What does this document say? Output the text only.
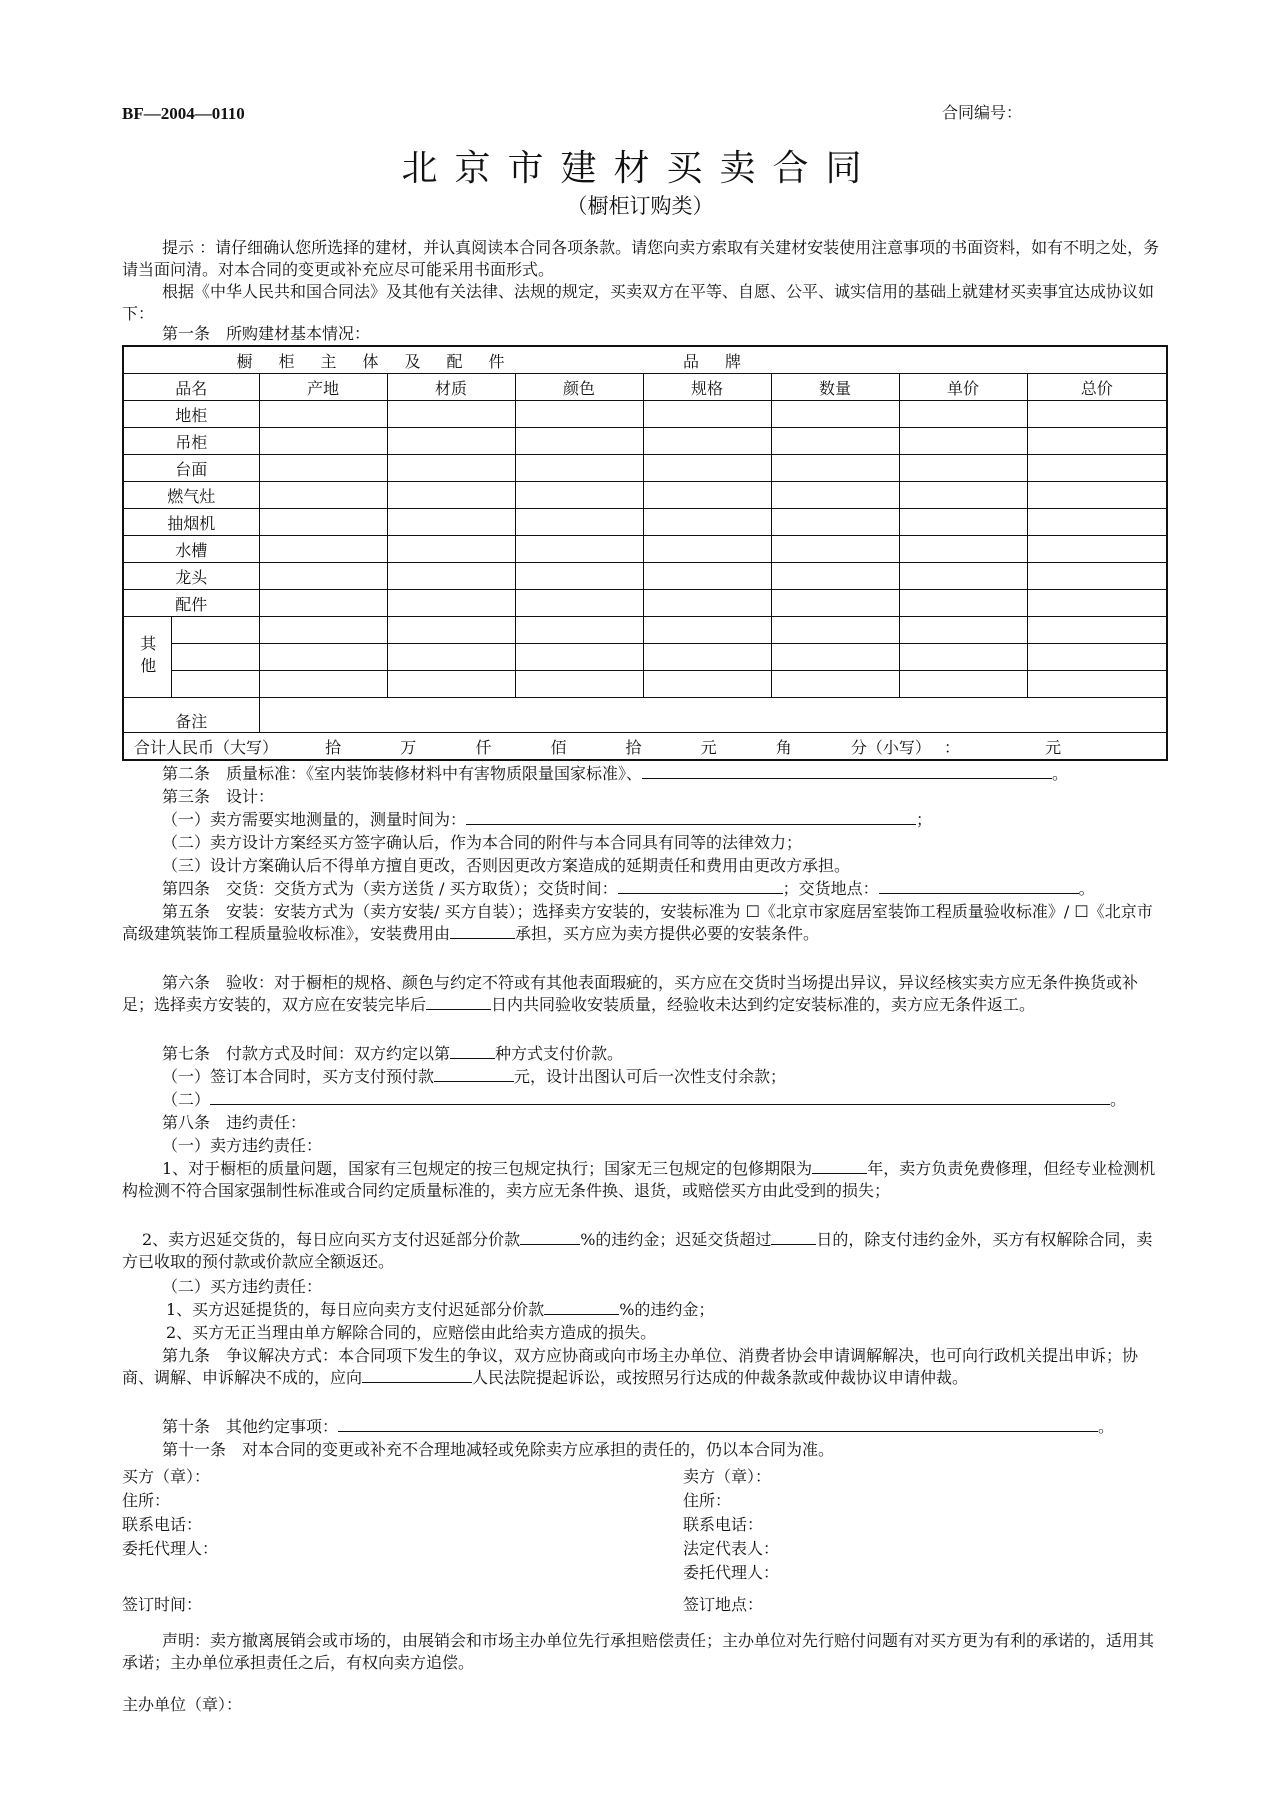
BF—2004—0110	合同编号：
北京市建材买卖合同
（橱柜订购类）
提示 ：请仔细确认您所选择的建材，并认真阅读本合同各项条款。请您向卖方索取有关建材安装使用注意事项的书面资料，如有不明之处，务请当面问清。对本合同的变更或补充应尽可能采用书面形式。
根据《中华人民共和国合同法》及其他有关法律、法规的规定，买卖双方在平等、自愿、公平、诚实信用的基础上就建材买卖事宜达成协议如下：
第一条　所购建材基本情况：
橱柜主体及配件					品牌			
品名		产地	材质	颜色	规格	数量	单价	总价
地柜								
吊柜								
台面								
燃气灶								
抽烟机								
水槽								
龙头								
配件								
其他								

备注								
合计人民币（大写） 拾 万 仟 佰 拾 元 角 分（小写） ： 元								
第二条　质量标准：《室内装饰装修材料中有害物质限量国家标准》、	。
第三条　设计：
（一）卖方需要实地测量的，测量时间为：	；
（二）卖方设计方案经买方签字确认后，作为本合同的附件与本合同具有同等的法律效力；
（三）设计方案确认后不得单方擅自更改，否则因更改方案造成的延期责任和费用由更改方承担。
第四条　交货：交货方式为（卖方送货 / 买方取货）；交货时间：	；交货地点：	。
第五条　安装：安装方式为（卖方安装/ 买方自装）；选择卖方安装的，安装标准为 ☐《北京市家庭居室装饰工程质量验收标准》/ ☐《北京市高级建筑装饰工程质量验收标准》，安装费用由	承担，买方应为卖方提供必要的安装条件。
第六条　验收：对于橱柜的规格、颜色与约定不符或有其他表面瑕疵的，买方应在交货时当场提出异议，异议经核实卖方应无条件换货或补足；选择卖方安装的，双方应在安装完毕后	日内共同验收安装质量，经验收未达到约定安装标准的，卖方应无条件返工。
第七条　付款方式及时间：双方约定以第	种方式支付价款。
（一）签订本合同时，买方支付预付款	元，设计出图认可后一次性支付余款；
（二）	。
第八条　违约责任：
（一）卖方违约责任：
1、对于橱柜的质量问题，国家有三包规定的按三包规定执行；国家无三包规定的包修期限为	年，卖方负责免费修理，但经专业检测机构检测不符合国家强制性标准或合同约定质量标准的，卖方应无条件换、退货，或赔偿买方由此受到的损失；
2、卖方迟延交货的，每日应向买方支付迟延部分价款	%的违约金；迟延交货超过	日的，除支付违约金外，买方有权解除合同，卖方已收取的预付款或价款应全额返还。
（二）买方违约责任：
1、买方迟延提货的，每日应向卖方支付迟延部分价款	%的违约金；
2、买方无正当理由单方解除合同的，应赔偿由此给卖方造成的损失。
第九条　争议解决方式：本合同项下发生的争议，双方应协商或向市场主办单位、消费者协会申请调解解决，也可向行政机关提出申诉；协商、调解、申诉解决不成的，应向	人民法院提起诉讼，或按照另行达成的仲裁条款或仲裁协议申请仲裁。
第十条　其他约定事项：	。
第十一条　对本合同的变更或补充不合理地减轻或免除卖方应承担的责任的，仍以本合同为准。
买方（章）：
住所：
联系电话：
委托代理人：
签订时间：
卖方（章）：
住所：
联系电话：
法定代表人：
委托代理人：
签订地点：
声明：卖方撤离展销会或市场的，由展销会和市场主办单位先行承担赔偿责任；主办单位对先行赔付问题有对买方更为有利的承诺的，适用其承诺；主办单位承担责任之后，有权向卖方追偿。
主办单位（章）：
